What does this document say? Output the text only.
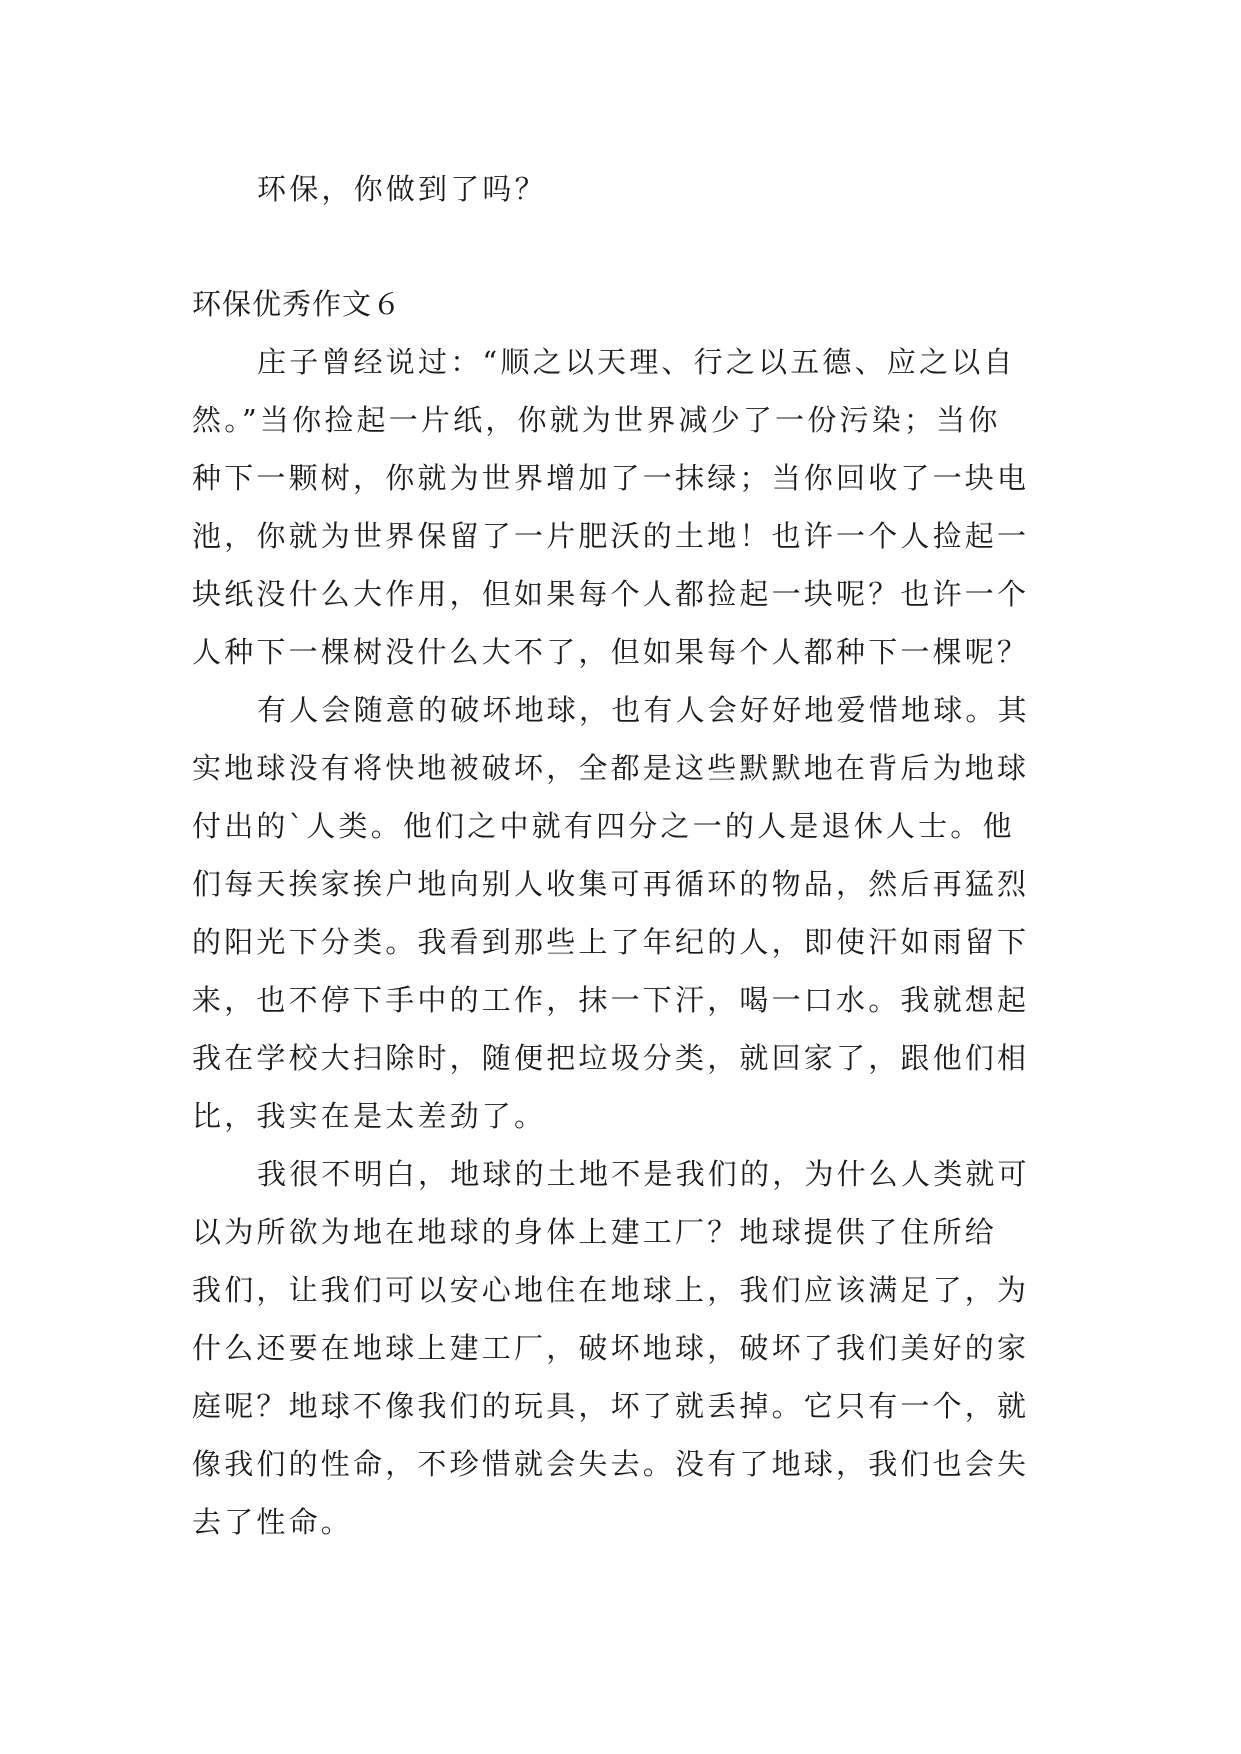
环保，你做到了吗？
环保优秀作文６
庄子曾经说过：“顺之以天理、行之以五德、应之以自
然。”当你捡起一片纸，你就为世界减少了一份污染；当你
种下一颗树，你就为世界增加了一抹绿；当你回收了一块电
池，你就为世界保留了一片肥沃的土地！也许一个人捡起一
块纸没什么大作用，但如果每个人都捡起一块呢？也许一个
人种下一棵树没什么大不了，但如果每个人都种下一棵呢？
有人会随意的破坏地球，也有人会好好地爱惜地球。其
实地球没有将快地被破坏，全都是这些默默地在背后为地球
付出的`人类。他们之中就有四分之一的人是退休人士。他
们每天挨家挨户地向别人收集可再循环的物品，然后再猛烈
的阳光下分类。我看到那些上了年纪的人，即使汗如雨留下
来，也不停下手中的工作，抹一下汗，喝一口水。我就想起
我在学校大扫除时，随便把垃圾分类，就回家了，跟他们相
比，我实在是太差劲了。
我很不明白，地球的土地不是我们的，为什么人类就可
以为所欲为地在地球的身体上建工厂？地球提供了住所给
我们，让我们可以安心地住在地球上，我们应该满足了，为
什么还要在地球上建工厂，破坏地球，破坏了我们美好的家
庭呢？地球不像我们的玩具，坏了就丢掉。它只有一个，就
像我们的性命，不珍惜就会失去。没有了地球，我们也会失
去了性命。
